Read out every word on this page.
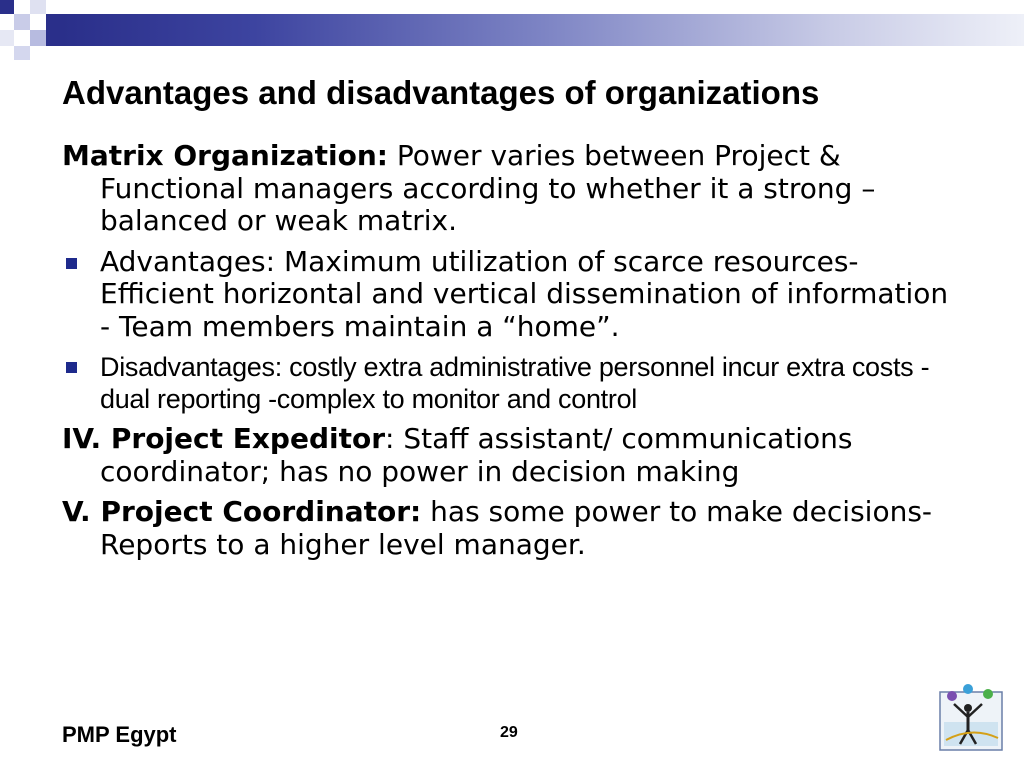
Advantages and disadvantages of organizations

Matrix Organization: Power varies between Project & Functional managers according to whether it a strong – balanced or weak matrix.

Advantages: Maximum utilization of scarce resources- Efficient horizontal and vertical dissemination of information - Team members maintain a “home”.
Disadvantages: costly extra administrative personnel incur extra costs - dual reporting -complex to monitor and control

IV. Project Expeditor: Staff assistant/ communications coordinator; has no power in decision making

V. Project Coordinator: has some power to make decisions- Reports to a higher level manager.

PMP Egypt	29
